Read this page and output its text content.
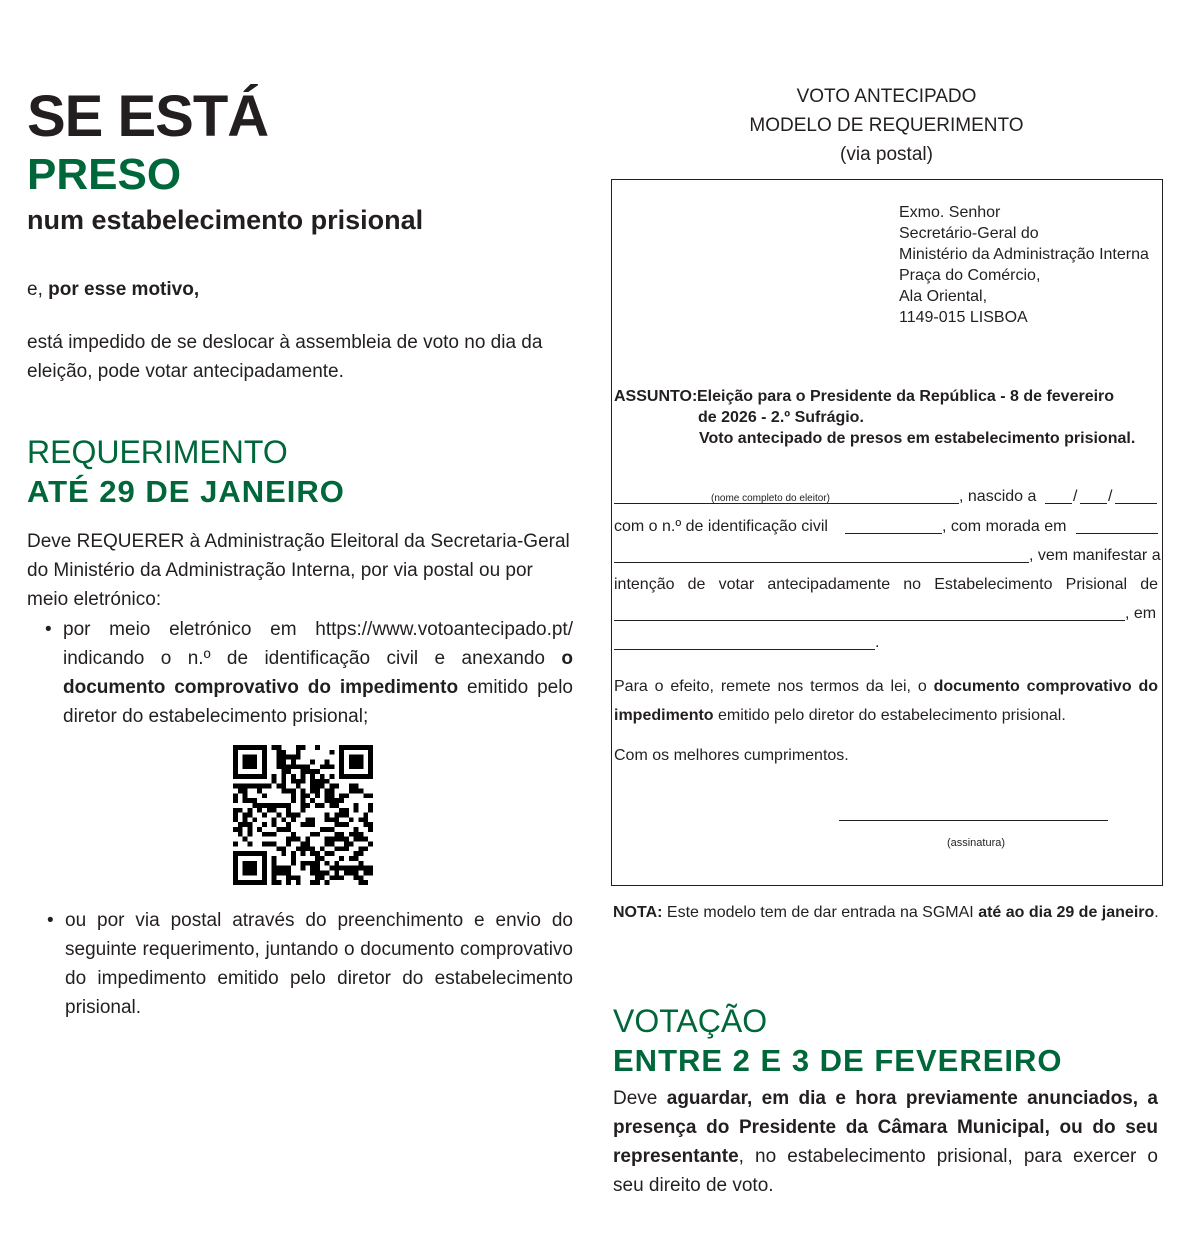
SE ESTÁ
PRESO
num estabelecimento prisional
e, por esse motivo,
está impedido de se deslocar à assembleia de voto no dia da eleição, pode votar antecipadamente.
REQUERIMENTO
ATÉ 29 DE JANEIRO
Deve REQUERER à Administração Eleitoral da Secretaria-Geral do Ministério da Administração Interna, por via postal ou por meio eletrónico:
• por meio eletrónico em https://www.votoantecipado.pt/ indicando o n.º de identificação civil e anexando o documento comprovativo do impedimento emitido pelo diretor do estabelecimento prisional;
• ou por via postal através do preenchimento e envio do seguinte requerimento, juntando o documento comprovativo do impedimento emitido pelo diretor do estabelecimento prisional.
VOTO ANTECIPADO
MODELO DE REQUERIMENTO
(via postal)
Exmo. Senhor
Secretário-Geral do
Ministério da Administração Interna
Praça do Comércio,
Ala Oriental,
1149-015 LISBOA
ASSUNTO: Eleição para o Presidente da República - 8 de fevereiro
de 2026 - 2.º Sufrágio.
Voto antecipado de presos em estabelecimento prisional.
(nome completo do eleitor)	, nascido a / /
com o n.º de identificação civil	, com morada em
, vem manifestar a
intenção de votar antecipadamente no Estabelecimento Prisional de
, em
.
Para o efeito, remete nos termos da lei, o documento comprovativo do impedimento emitido pelo diretor do estabelecimento prisional.
Com os melhores cumprimentos.
(assinatura)
NOTA: Este modelo tem de dar entrada na SGMAI até ao dia 29 de janeiro.
VOTAÇÃO
ENTRE 2 E 3 DE FEVEREIRO
Deve aguardar, em dia e hora previamente anunciados, a presença do Presidente da Câmara Municipal, ou do seu representante, no estabelecimento prisional, para exercer o seu direito de voto.
